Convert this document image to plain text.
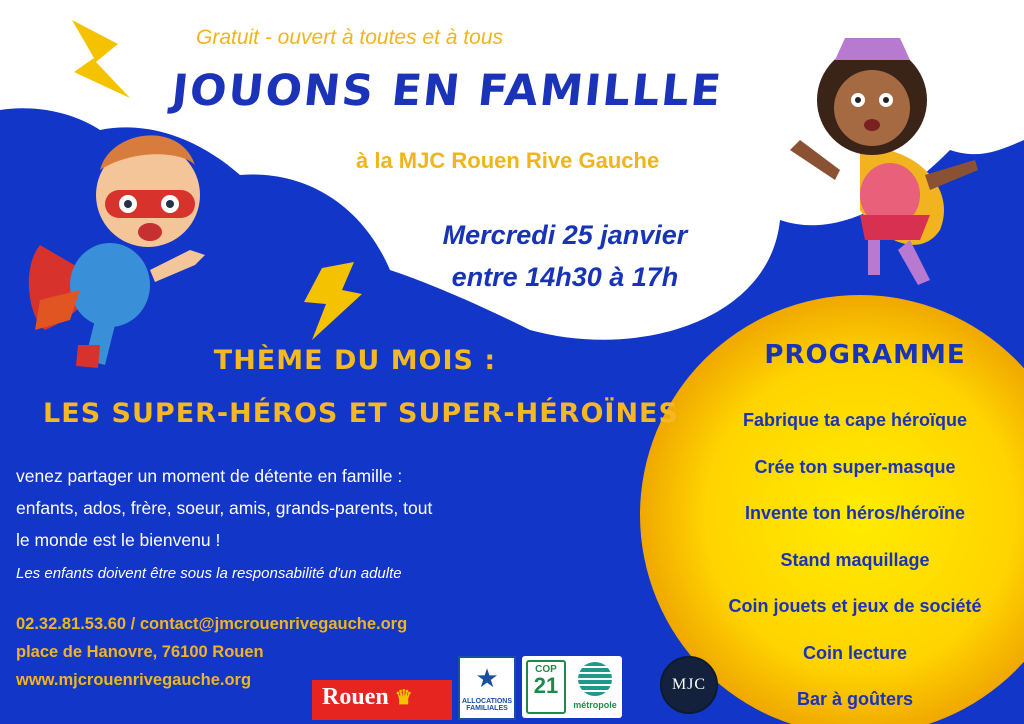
Gratuit - ouvert à toutes et à tous
JOUONS EN FAMILLLE
à la MJC Rouen Rive Gauche
Mercredi 25 janvier
entre 14h30 à 17h
THÈME DU MOIS :
LES SUPER-HÉROS ET SUPER-HÉROÏNES
venez partager un moment de détente en famille :
enfants, ados, frère, soeur, amis, grands-parents, tout
le monde est le bienvenu !
Les enfants doivent être sous la responsabilité d'un adulte
02.32.81.53.60 / contact@jmcrouenrivegauche.org
place de Hanovre, 76100 Rouen
www.mjcrouenrivegauche.org
PROGRAMME
Fabrique ta cape héroïque
Crée ton super-masque
Invente ton héros/héroïne
Stand maquillage
Coin jouets et jeux de société
Coin lecture
Bar à goûters
Rouen ♛
★
ALLOCATIONS FAMILIALES
COP
21
métropole
MJC
